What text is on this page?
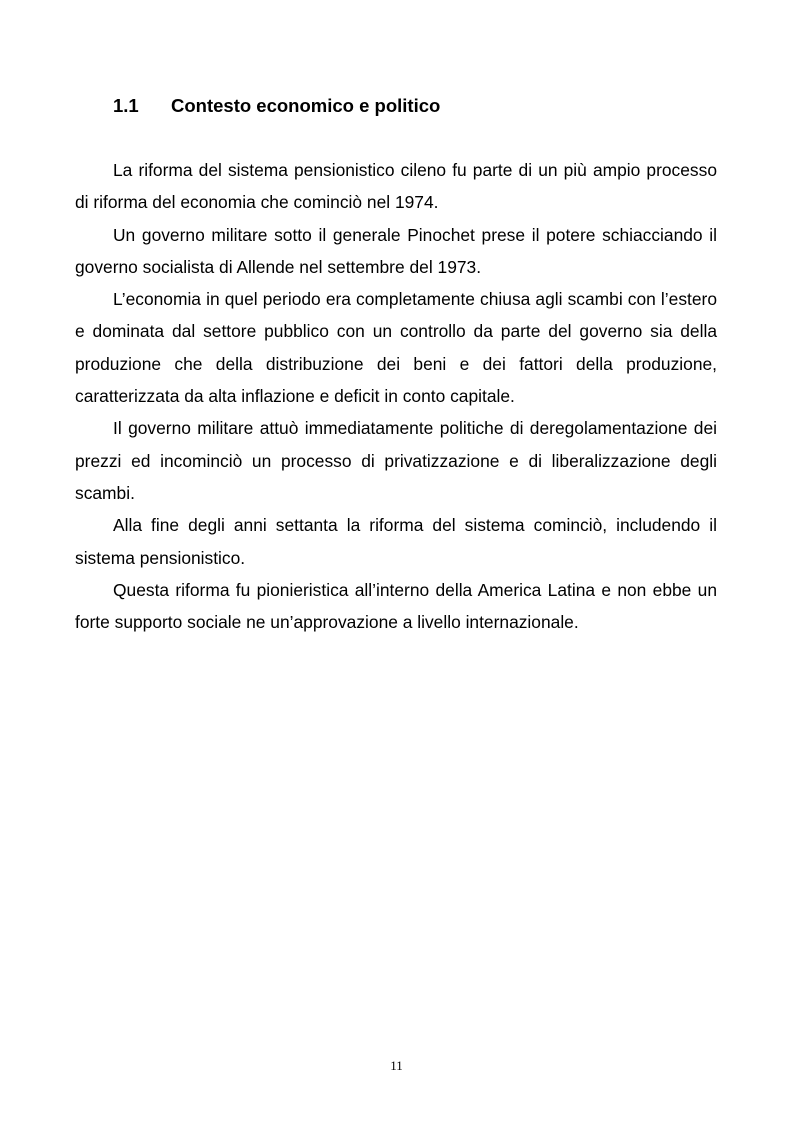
1.1 Contesto economico e politico

La riforma del sistema pensionistico cileno fu parte di un più ampio processo di riforma del economia che cominciò nel 1974.

Un governo militare sotto il generale Pinochet prese il potere schiacciando il governo socialista di Allende nel settembre del 1973.

L’economia in quel periodo era completamente chiusa agli scambi con l’estero e dominata dal settore pubblico con un controllo da parte del governo sia della produzione che della distribuzione dei beni e dei fattori della produzione, caratterizzata da alta inflazione e deficit in conto capitale.

Il governo militare attuò immediatamente politiche di deregolamentazione dei prezzi ed incominciò un processo di privatizzazione e di liberalizzazione degli scambi.

Alla fine degli anni settanta la riforma del sistema cominciò, includendo il sistema pensionistico.

Questa riforma fu pionieristica all’interno della America Latina e non ebbe un forte supporto sociale ne un’approvazione a livello internazionale.

11
